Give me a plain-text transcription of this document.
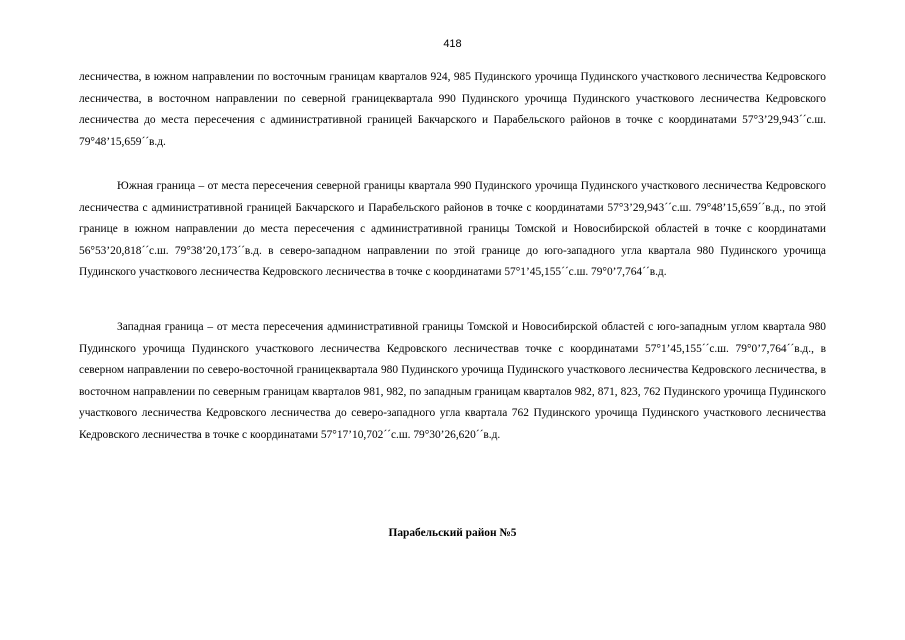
418

лесничества, в южном направлении по восточным границам кварталов 924, 985 Пудинского урочища Пудинского участкового лесничества Кедровского лесничества, в восточном направлении по северной границеквартала 990 Пудинского урочища Пудинского участкового лесничества Кедровского лесничества до места пересечения с административной границей Бакчарского и Парабельского районов в точке с координатами 57°3’29,943´´с.ш. 79°48’15,659´´в.д.

Южная граница – от места пересечения северной границы квартала 990 Пудинского урочища Пудинского участкового лесничества Кедровского лесничества с административной границей Бакчарского и Парабельского районов в точке с координатами 57°3’29,943´´с.ш. 79°48’15,659´´в.д., по этой границе в южном направлении до места пересечения с административной границы Томской и Новосибирской областей в точке с координатами 56°53’20,818´´с.ш. 79°38’20,173´´в.д. в северо-западном направлении по этой границе до юго-западного угла квартала 980 Пудинского урочища Пудинского участкового лесничества Кедровского лесничества в точке с координатами 57°1’45,155´´с.ш. 79°0’7,764´´в.д.

Западная граница – от места пересечения административной границы Томской и Новосибирской областей с юго-западным углом квартала 980 Пудинского урочища Пудинского участкового лесничества Кедровского лесничествав точке с координатами 57°1’45,155´´с.ш. 79°0’7,764´´в.д., в северном направлении по северо-восточной границеквартала 980 Пудинского урочища Пудинского участкового лесничества Кедровского лесничества, в восточном направлении по северным границам кварталов 981, 982, по западным границам кварталов 982, 871, 823, 762 Пудинского урочища Пудинского участкового лесничества Кедровского лесничества до северо-западного угла квартала 762 Пудинского урочища Пудинского участкового лесничества Кедровского лесничества в точке с координатами 57°17’10,702´´с.ш. 79°30’26,620´´в.д.

Парабельский район №5
